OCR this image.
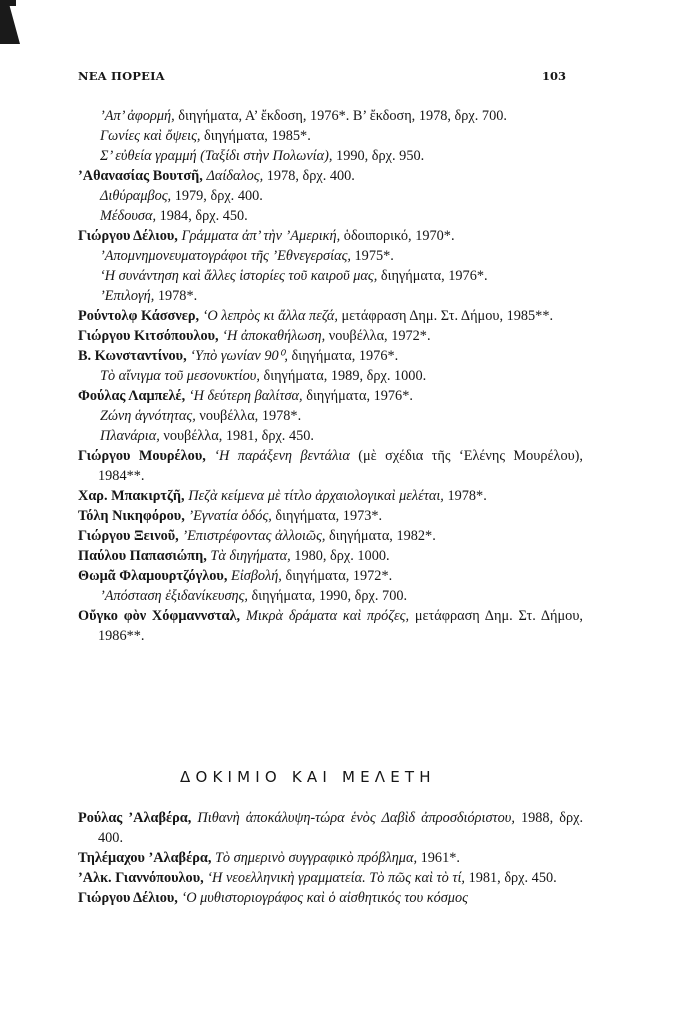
ΝΕΑ ΠΟΡΕΙΑ	103
’Απ’ ἀφορμή, διηγήματα, Α’ ἔκδοση, 1976*. Β’ ἔκδοση, 1978, δρχ. 700.
Γωνίες καὶ ὄψεις, διηγήματα, 1985*.
Σ’ εὐθεία γραμμή (Ταξίδι στὴν Πολωνία), 1990, δρχ. 950.
’Αθανασίας Βουτσῆ, Δαίδαλος, 1978, δρχ. 400.
Διθύραμβος, 1979, δρχ. 400.
Μέδουσα, 1984, δρχ. 450.
Γιώργου Δέλιου, Γράμματα ἀπ’ τὴν ’Αμερική, ὁδοιπορικό, 1970*.
’Απομνημονευματογράφοι τῆς ’Εθνεγερσίας, 1975*.
‘Η συνάντηση καὶ ἄλλες ἱστορίες τοῦ καιροῦ μας, διηγήματα, 1976*.
’Επιλογή, 1978*.
Ρούντολφ Κάσσνερ, ‘Ο λεπρὸς κι ἄλλα πεζά, μετάφραση Δημ. Στ. Δήμου, 1985**.
Γιώργου Κιτσόπουλου, ‘Η ἀποκαθήλωση, νουβέλλα, 1972*.
Β. Κωνσταντίνου, ‘Υπὸ γωνίαν 90⁰, διηγήματα, 1976*.
Τὸ αἴνιγμα τοῦ μεσονυκτίου, διηγήματα, 1989, δρχ. 1000.
Φούλας Λαμπελέ, ‘Η δεύτερη βαλίτσα, διηγήματα, 1976*.
Ζώνη ἁγνότητας, νουβέλλα, 1978*.
Πλανάρια, νουβέλλα, 1981, δρχ. 450.
Γιώργου Μουρέλου, ‘Η παράξενη βεντάλια (μὲ σχέδια τῆς ‘Ελένης Μουρέλου), 1984**.
Χαρ. Μπακιρτζῆ, Πεζὰ κείμενα μὲ τίτλο ἀρχαιολογικαὶ μελέται, 1978*.
Τόλη Νικηφόρου, ’Εγνατία ὁδός, διηγήματα, 1973*.
Γιώργου Ξεινοῦ, ’Επιστρέφοντας ἀλλοιῶς, διηγήματα, 1982*.
Παύλου Παπασιώπη, Τὰ διηγήματα, 1980, δρχ. 1000.
Θωμᾶ Φλαμουρτζόγλου, Εἰσβολή, διηγήματα, 1972*.
’Απόσταση ἐξιδανίκευσης, διηγήματα, 1990, δρχ. 700.
Οὔγκο φὸν Χόφμαννσταλ, Μικρὰ δράματα καὶ πρόζες, μετάφραση Δημ. Στ. Δήμου, 1986**.
ΔΟΚΙΜΙΟ ΚΑΙ ΜΕΛΕΤΗ
Ρούλας ’Αλαβέρα, Πιθανὴ ἀποκάλυψη-τώρα ἑνὸς Δαβὶδ ἀπροσδιόριστου, 1988, δρχ. 400.
Τηλέμαχου ’Αλαβέρα, Τὸ σημερινὸ συγγραφικὸ πρόβλημα, 1961*.
’Αλκ. Γιαννόπουλου, ‘Η νεοελληνικὴ γραμματεία. Τὸ πῶς καὶ τὸ τί, 1981, δρχ. 450.
Γιώργου Δέλιου, ‘Ο μυθιστοριογράφος καὶ ὁ αἰσθητικός του κόσμος
